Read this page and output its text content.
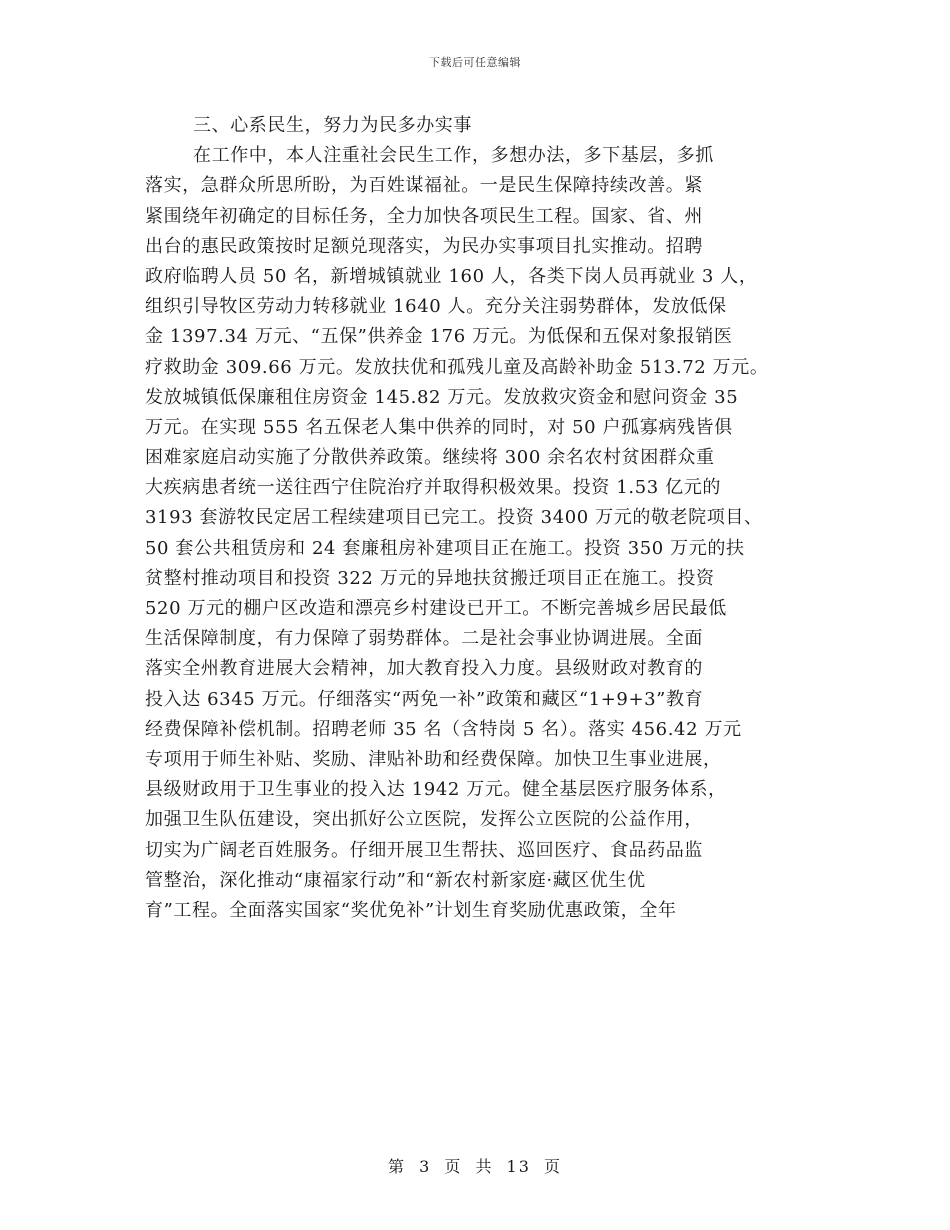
下载后可任意编辑
三、心系民生，努力为民多办实事
在工作中，本人注重社会民生工作，多想办法，多下基层，多抓
落实，急群众所思所盼，为百姓谋福祉。一是民生保障持续改善。紧
紧围绕年初确定的目标任务，全力加快各项民生工程。国家、省、州
出台的惠民政策按时足额兑现落实，为民办实事项目扎实推动。招聘
政府临聘人员 50 名，新增城镇就业 160 人，各类下岗人员再就业 3 人，
组织引导牧区劳动力转移就业 1640 人。充分关注弱势群体，发放低保
金 1397.34 万元、“五保”供养金 176 万元。为低保和五保对象报销医
疗救助金 309.66 万元。发放扶优和孤残儿童及高龄补助金 513.72 万元。
发放城镇低保廉租住房资金 145.82 万元。发放救灾资金和慰问资金 35
万元。在实现 555 名五保老人集中供养的同时，对 50 户孤寡病残皆俱
困难家庭启动实施了分散供养政策。继续将 300 余名农村贫困群众重
大疾病患者统一送往西宁住院治疗并取得积极效果。投资 1.53 亿元的
3193 套游牧民定居工程续建项目已完工。投资 3400 万元的敬老院项目、
50 套公共租赁房和 24 套廉租房补建项目正在施工。投资 350 万元的扶
贫整村推动项目和投资 322 万元的异地扶贫搬迁项目正在施工。投资
520 万元的棚户区改造和漂亮乡村建设已开工。不断完善城乡居民最低
生活保障制度，有力保障了弱势群体。二是社会事业协调进展。全面
落实全州教育进展大会精神，加大教育投入力度。县级财政对教育的
投入达 6345 万元。仔细落实“两免一补”政策和藏区“1+9+3”教育
经费保障补偿机制。招聘老师 35 名（含特岗 5 名）。落实 456.42 万元
专项用于师生补贴、奖励、津贴补助和经费保障。加快卫生事业进展，
县级财政用于卫生事业的投入达 1942 万元。健全基层医疗服务体系，
加强卫生队伍建设，突出抓好公立医院，发挥公立医院的公益作用，
切实为广阔老百姓服务。仔细开展卫生帮扶、巡回医疗、食品药品监
管整治，深化推动“康福家行动”和“新农村新家庭·藏区优生优
育”工程。全面落实国家“奖优免补”计划生育奖励优惠政策，全年
第 3 页 共 13 页
